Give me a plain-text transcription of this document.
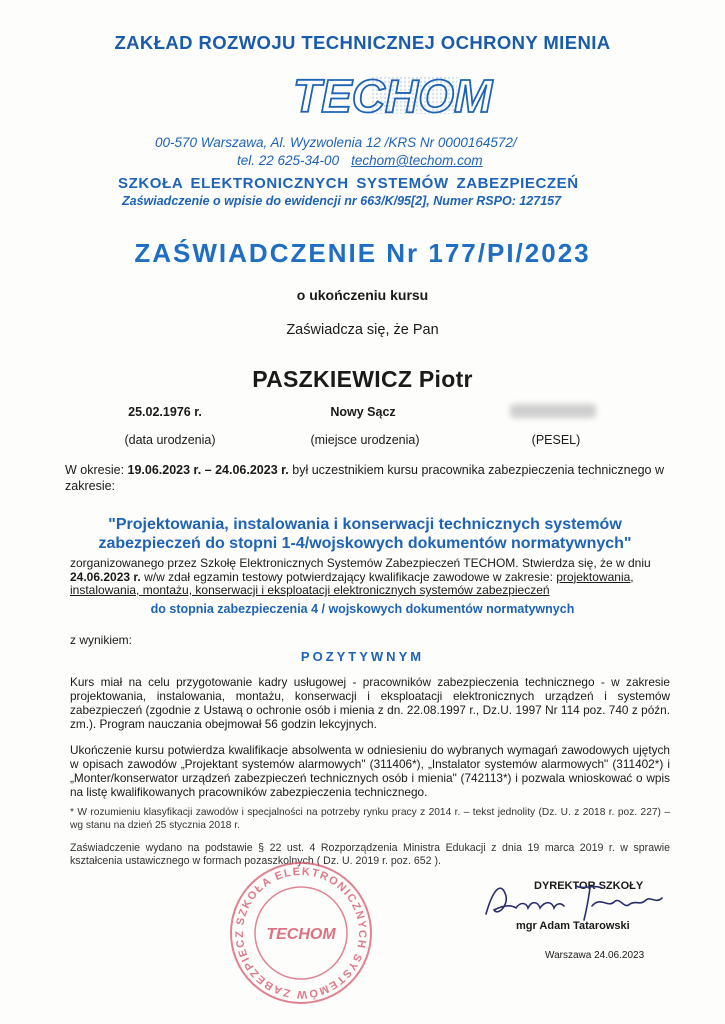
ZAKŁAD ROZWOJU TECHNICZNEJ OCHRONY MIENIA
TECHOM
00-570 Warszawa, Al. Wyzwolenia 12 /KRS Nr 0000164572/
tel. 22 625-34-00 techom@techom.com
SZKOŁA ELEKTRONICZNYCH SYSTEMÓW ZABEZPIECZEŃ
Zaświadczenie o wpisie do ewidencji nr 663/K/95[2], Numer RSPO: 127157
ZAŚWIADCZENIE Nr 177/PI/2023
o ukończeniu kursu
Zaświadcza się, że Pan
PASZKIEWICZ Piotr
25.02.1976 r.	Nowy Sącz
(data urodzenia)	(miejsce urodzenia)	(PESEL)
W okresie: 19.06.2023 r. – 24.06.2023 r. był uczestnikiem kursu pracownika zabezpieczenia technicznego w zakresie:
"Projektowania, instalowania i konserwacji technicznych systemów zabezpieczeń do stopni 1-4/wojskowych dokumentów normatywnych"
zorganizowanego przez Szkołę Elektronicznych Systemów Zabezpieczeń TECHOM. Stwierdza się, że w dniu 24.06.2023 r. w/w zdał egzamin testowy potwierdzający kwalifikacje zawodowe w zakresie: projektowania, instalowania, montażu, konserwacji i eksploatacji elektronicznych systemów zabezpieczeń
do stopnia zabezpieczenia 4 / wojskowych dokumentów normatywnych
z wynikiem:
POZYTYWNYM
Kurs miał na celu przygotowanie kadry usługowej - pracowników zabezpieczenia technicznego - w zakresie projektowania, instalowania, montażu, konserwacji i eksploatacji elektronicznych urządzeń i systemów zabezpieczeń (zgodnie z Ustawą o ochronie osób i mienia z dn. 22.08.1997 r., Dz.U. 1997 Nr 114 poz. 740 z późn. zm.). Program nauczania obejmował 56 godzin lekcyjnych.
Ukończenie kursu potwierdza kwalifikacje absolwenta w odniesieniu do wybranych wymagań zawodowych ujętych w opisach zawodów „Projektant systemów alarmowych" (311406*), „Instalator systemów alarmowych" (311402*) i „Monter/konserwator urządzeń zabezpieczeń technicznych osób i mienia" (742113*) i pozwala wnioskować o wpis na listę kwalifikowanych pracowników zabezpieczenia technicznego.
* W rozumieniu klasyfikacji zawodów i specjalności na potrzeby rynku pracy z 2014 r. – tekst jednolity (Dz. U. z 2018 r. poz. 227) – wg stanu na dzień 25 stycznia 2018 r.
Zaświadczenie wydano na podstawie § 22 ust. 4 Rozporządzenia Ministra Edukacji z dnia 19 marca 2019 r. w sprawie kształcenia ustawicznego w formach pozaszkolnych ( Dz. U. 2019 r. poz. 652 ).
SZKOŁA ELEKTRONICZNYCH SYSTEMÓW ZABEZPIECZ	TECHOM
DYREKTOR SZKOŁY
mgr Adam Tatarowski
Warszawa 24.06.2023
